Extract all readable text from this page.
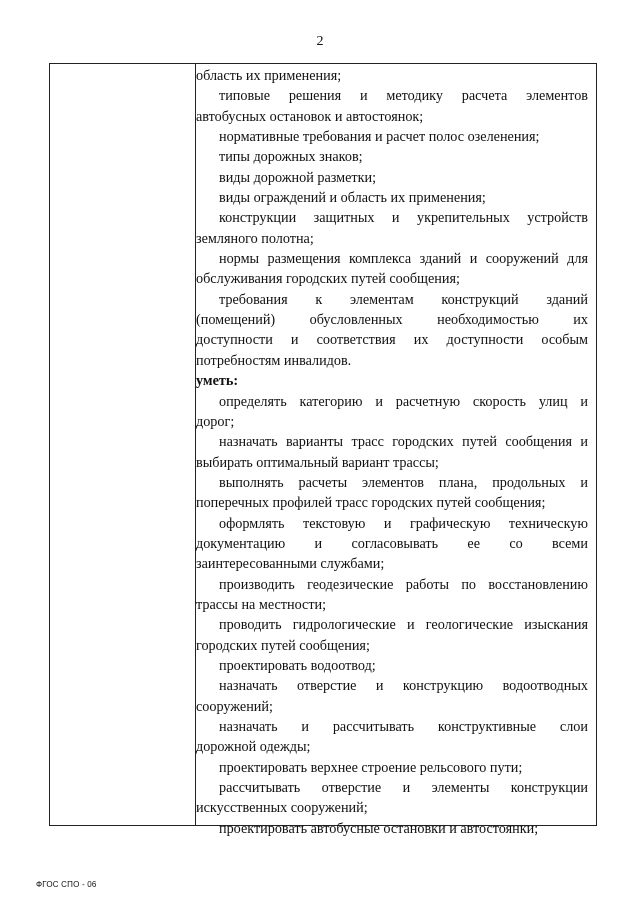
2
область их применения;
типовые решения и методику расчета элементов
автобусных остановок и автостоянок;
нормативные требования и расчет полос озеленения;
типы дорожных знаков;
виды дорожной разметки;
виды ограждений и область их применения;
конструкции защитных и укрепительных устройств
земляного полотна;
нормы размещения комплекса зданий и сооружений для
обслуживания городских путей сообщения;
требования к элементам конструкций зданий
(помещений) обусловленных необходимостью их
доступности и соответствия их доступности особым
потребностям инвалидов.
уметь:
определять категорию и расчетную скорость улиц и
дорог;
назначать варианты трасс городских путей сообщения и
выбирать оптимальный вариант трассы;
выполнять расчеты элементов плана, продольных и
поперечных профилей трасс городских путей сообщения;
оформлять текстовую и графическую техническую
документацию и согласовывать ее со всеми
заинтересованными службами;
производить геодезические работы по восстановлению
трассы на местности;
проводить гидрологические и геологические изыскания
городских путей сообщения;
проектировать водоотвод;
назначать отверстие и конструкцию водоотводных
сооружений;
назначать и рассчитывать конструктивные слои
дорожной одежды;
проектировать верхнее строение рельсового пути;
рассчитывать отверстие и элементы конструкции
искусственных сооружений;
проектировать автобусные остановки и автостоянки;
ФГОС СПО - 06
